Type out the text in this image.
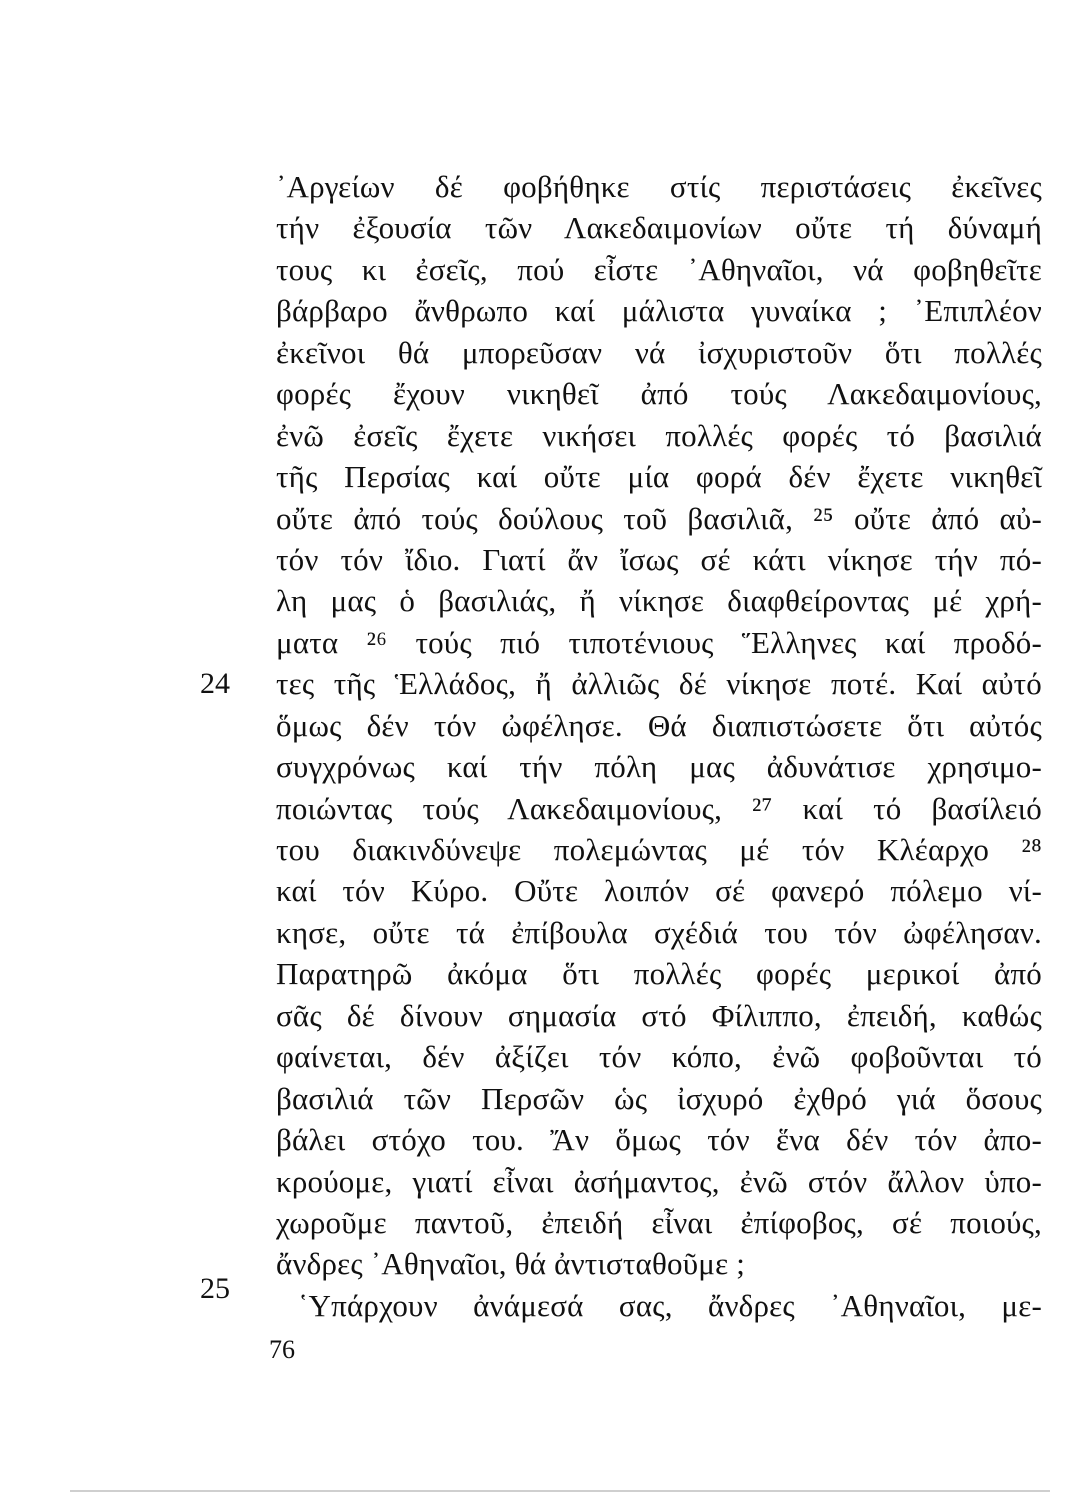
᾿Αργείων δέ φοβήθηκε στίς περιστάσεις ἐκεῖνες
τήν ἐξουσία τῶν Λακεδαιμονίων οὔτε τή δύναμή
τους κι ἐσεῖς, πού εἶστε ᾿Αθηναῖοι, νά φοβηθεῖτε
βάρβαρο ἄνθρωπο καί μάλιστα γυναίκα ; ᾿Επιπλέον
ἐκεῖνοι θά μπορεῦσαν νά ἰσχυριστοῦν ὅτι πολλές
φορές ἔχουν νικηθεῖ ἀπό τούς Λακεδαιμονίους,
ἐνῶ ἐσεῖς ἔχετε νικήσει πολλές φορές τό βασιλιά
τῆς Περσίας καί οὔτε μία φορά δέν ἔχετε νικηθεῖ
οὔτε ἀπό τούς δούλους τοῦ βασιλιᾶ, ²⁵ οὔτε ἀπό αὐ-
τόν τόν ἴδιο. Γιατί ἄν ἴσως σέ κάτι νίκησε τήν πό-
λη μας ὁ βασιλιάς, ἤ νίκησε διαφθείροντας μέ χρή-
ματα ²⁶ τούς πιό τιποτένιους Ἕλληνες καί προδό-
τες τῆς Ἑλλάδος, ἤ ἀλλιῶς δέ νίκησε ποτέ. Καί αὐτό
ὅμως δέν τόν ὠφέλησε. Θά διαπιστώσετε ὅτι αὐτός
συγχρόνως καί τήν πόλη μας ἀδυνάτισε χρησιμο-
ποιώντας τούς Λακεδαιμονίους, ²⁷ καί τό βασίλειό
του διακινδύνεψε πολεμώντας μέ τόν Κλέαρχο ²⁸
καί τόν Κύρο. Οὔτε λοιπόν σέ φανερό πόλεμο νί-
κησε, οὔτε τά ἐπίβουλα σχέδιά του τόν ὠφέλησαν.
Παρατηρῶ ἀκόμα ὅτι πολλές φορές μερικοί ἀπό
σᾶς δέ δίνουν σημασία στό Φίλιππο, ἐπειδή, καθώς
φαίνεται, δέν ἀξίζει τόν κόπο, ἐνῶ φοβοῦνται τό
βασιλιά τῶν Περσῶν ὡς ἰσχυρό ἐχθρό γιά ὅσους
βάλει στόχο του. Ἄν ὅμως τόν ἕνα δέν τόν ἀπο-
κρούομε, γιατί εἶναι ἀσήμαντος, ἐνῶ στόν ἄλλον ὑπο-
χωροῦμε παντοῦ, ἐπειδή εἶναι ἐπίφοβος, σέ ποιούς,
ἄνδρες ᾿Αθηναῖοι, θά ἀντισταθοῦμε ;
῾Υπάρχουν ἀνάμεσά σας, ἄνδρες ᾿Αθηναῖοι, με-
24
25
76
